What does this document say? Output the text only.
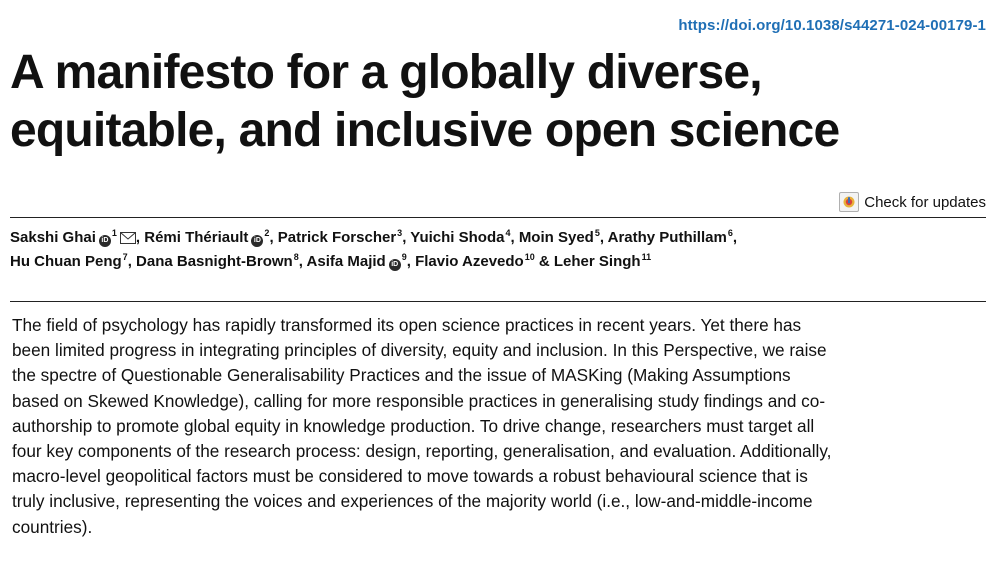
https://doi.org/10.1038/s44271-024-00179-1
A manifesto for a globally diverse, equitable, and inclusive open science
Check for updates
Sakshi Ghai $iD^1$ , Rémi Thériault $iD^2$, Patrick Forscher$^3$, Yuichi Shoda$^4$, Moin Syed$^5$, Arathy Puthillam$^6$,
Hu Chuan Peng$^7$, Dana Basnight-Brown$^8$, Asifa Majid $iD^9$, Flavio Azevedo$^{10}$ & Leher Singh$^{11}$

The field of psychology has rapidly transformed its open science practices in recent years. Yet there has been limited progress in integrating principles of diversity, equity and inclusion. In this Perspective, we raise the spectre of Questionable Generalisability Practices and the issue of MASKing (Making Assumptions based on Skewed Knowledge), calling for more responsible practices in generalising study findings and co-authorship to promote global equity in knowledge production. To drive change, researchers must target all four key components of the research process: design, reporting, generalisation, and evaluation. Additionally, macro-level geopolitical factors must be considered to move towards a robust behavioural science that is truly inclusive, representing the voices and experiences of the majority world (i.e., low-and-middle-income countries).
